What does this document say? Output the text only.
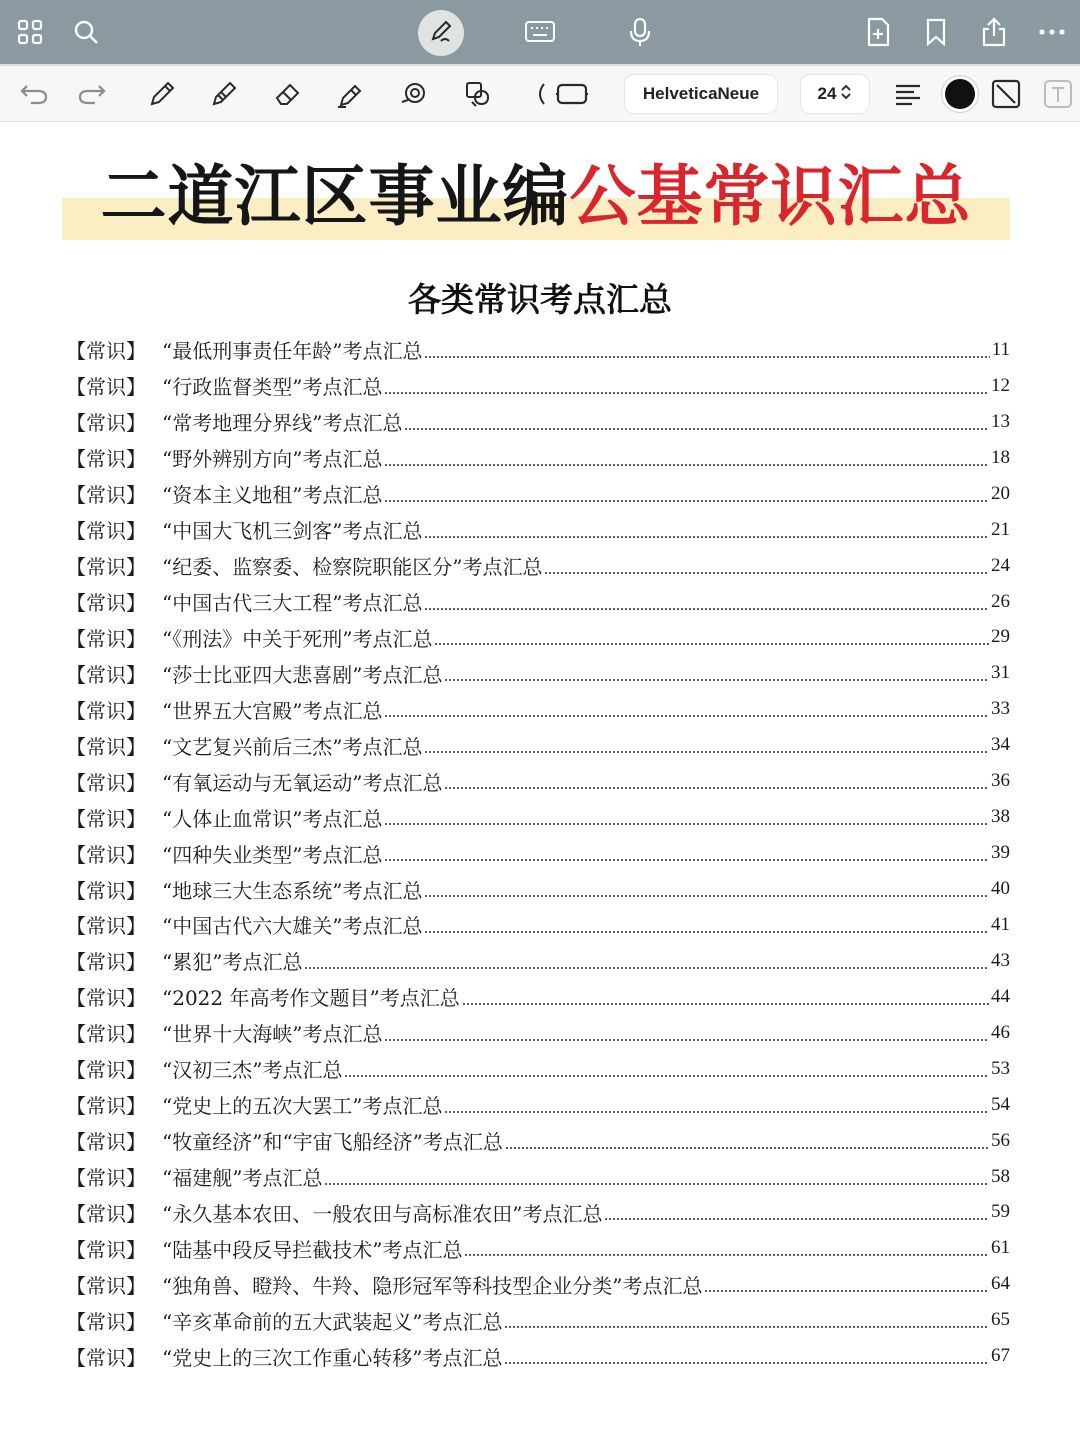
HelveticaNeue	24
二道江区事业编公基常识汇总
各类常识考点汇总
【常识】 “最低刑事责任年龄”考点汇总	11
【常识】 “行政监督类型”考点汇总	12
【常识】 “常考地理分界线”考点汇总	13
【常识】 “野外辨别方向”考点汇总	18
【常识】 “资本主义地租”考点汇总	20
【常识】 “中国大飞机三剑客”考点汇总	21
【常识】 “纪委、监察委、检察院职能区分”考点汇总	24
【常识】 “中国古代三大工程”考点汇总	26
【常识】 “《刑法》中关于死刑”考点汇总	29
【常识】 “莎士比亚四大悲喜剧”考点汇总	31
【常识】 “世界五大宫殿”考点汇总	33
【常识】 “文艺复兴前后三杰”考点汇总	34
【常识】 “有氧运动与无氧运动”考点汇总	36
【常识】 “人体止血常识”考点汇总	38
【常识】 “四种失业类型”考点汇总	39
【常识】 “地球三大生态系统”考点汇总	40
【常识】 “中国古代六大雄关”考点汇总	41
【常识】 “累犯”考点汇总	43
【常识】 “2022 年高考作文题目”考点汇总	44
【常识】 “世界十大海峡”考点汇总	46
【常识】 “汉初三杰”考点汇总	53
【常识】 “党史上的五次大罢工”考点汇总	54
【常识】 “牧童经济”和“宇宙飞船经济”考点汇总	56
【常识】 “福建舰”考点汇总	58
【常识】 “永久基本农田、一般农田与高标准农田”考点汇总	59
【常识】 “陆基中段反导拦截技术”考点汇总	61
【常识】 “独角兽、瞪羚、牛羚、隐形冠军等科技型企业分类”考点汇总	64
【常识】 “辛亥革命前的五大武装起义”考点汇总	65
【常识】 “党史上的三次工作重心转移”考点汇总	67
